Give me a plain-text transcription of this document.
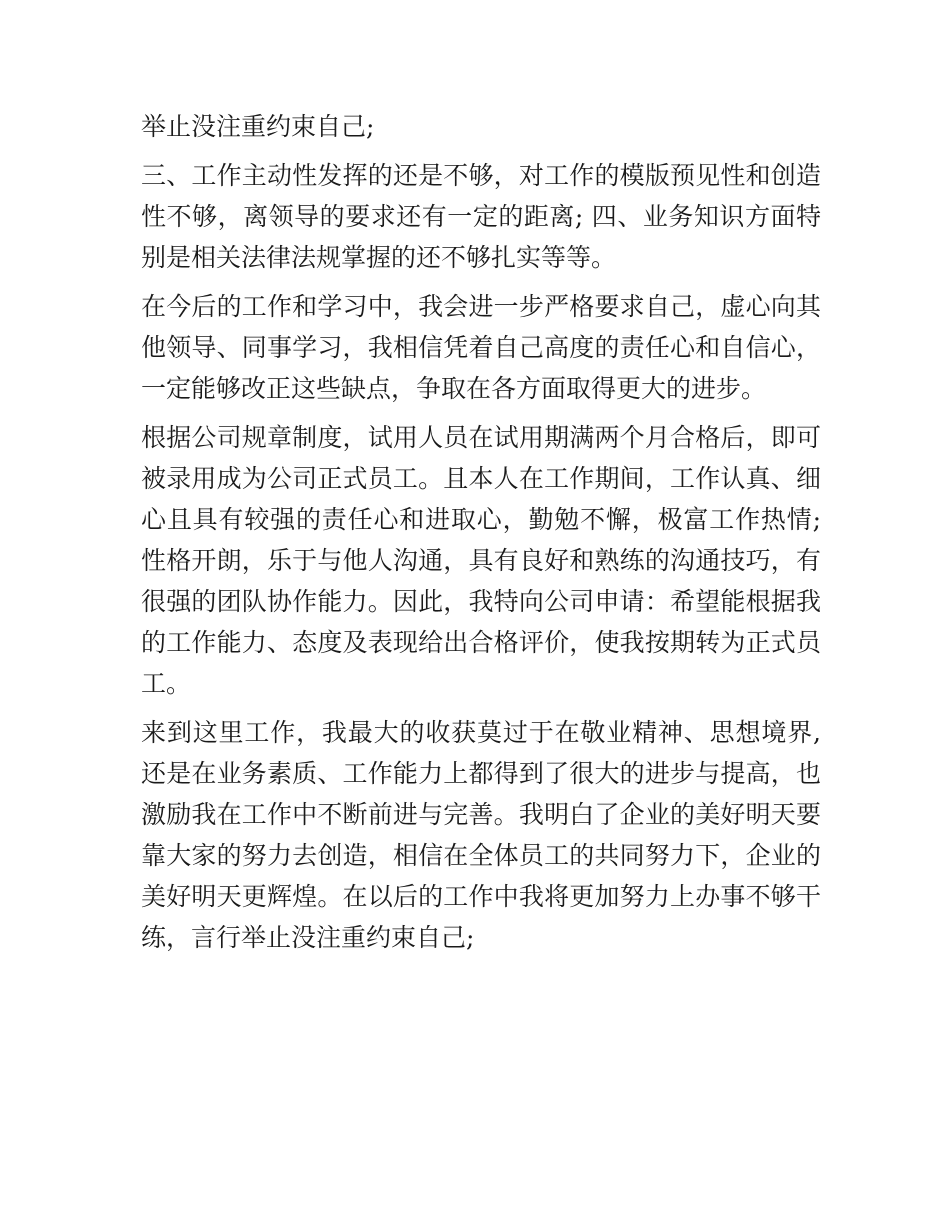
举止没注重约束自己;
三、工作主动性发挥的还是不够，对工作的模版预见性和创造
性不够，离领导的要求还有一定的距离; 四、业务知识方面特
别是相关法律法规掌握的还不够扎实等等。
在今后的工作和学习中，我会进一步严格要求自己，虚心向其
他领导、同事学习，我相信凭着自己高度的责任心和自信心，
一定能够改正这些缺点，争取在各方面取得更大的进步。
根据公司规章制度，试用人员在试用期满两个月合格后，即可
被录用成为公司正式员工。且本人在工作期间，工作认真、细
心且具有较强的责任心和进取心，勤勉不懈，极富工作热情;
性格开朗，乐于与他人沟通，具有良好和熟练的沟通技巧，有
很强的团队协作能力。因此，我特向公司申请：希望能根据我
的工作能力、态度及表现给出合格评价，使我按期转为正式员
工。
来到这里工作，我最大的收获莫过于在敬业精神、思想境界,
还是在业务素质、工作能力上都得到了很大的进步与提高，也
激励我在工作中不断前进与完善。我明白了企业的美好明天要
靠大家的努力去创造，相信在全体员工的共同努力下，企业的
美好明天更辉煌。在以后的工作中我将更加努力上办事不够干
练，言行举止没注重约束自己;
